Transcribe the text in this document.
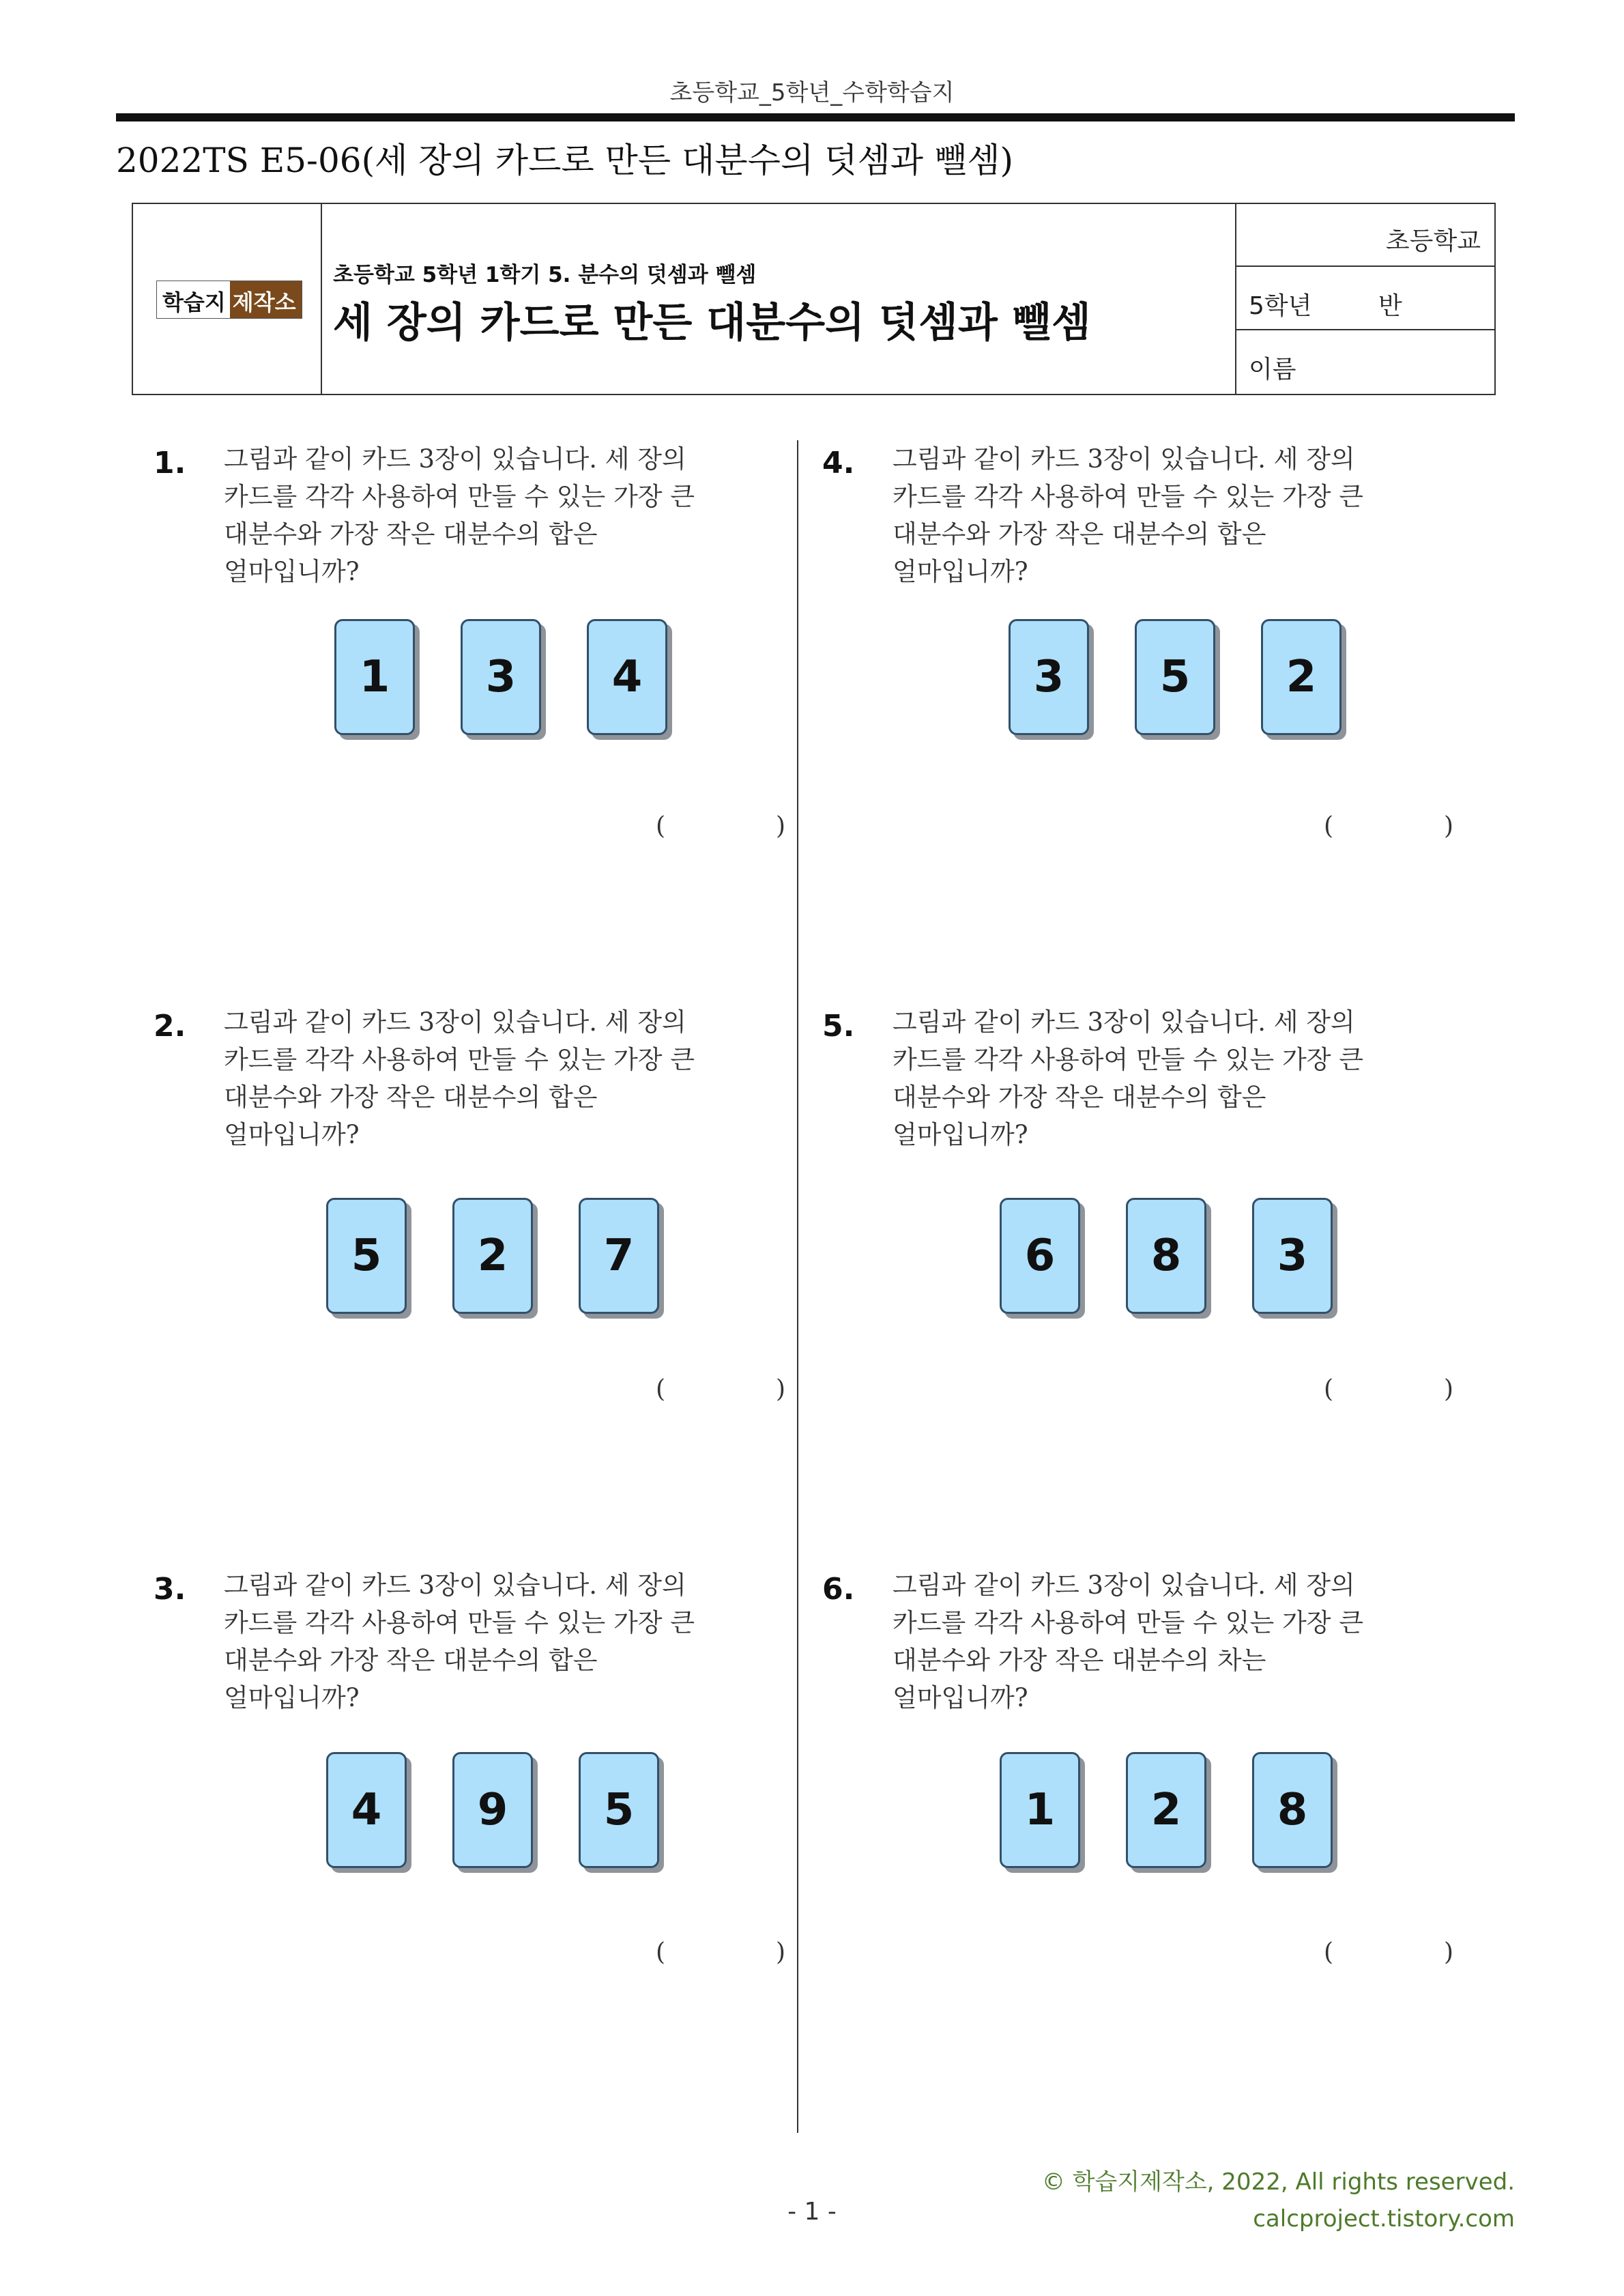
초등학교_5학년_수학학습지
2022TS E5-06(세 장의 카드로 만든 대분수의 덧셈과 뺄셈)
학습지 제작소
초등학교 5학년 1학기 5. 분수의 덧셈과 뺄셈
세 장의 카드로 만든 대분수의 덧셈과 뺄셈
초등학교
5학년	반
이름
1. 그림과 같이 카드 3장이 있습니다. 세 장의
카드를 각각 사용하여 만들 수 있는 가장 큰
대분수와 가장 작은 대분수의 합은
얼마입니까?
1	3	4
(	)
2. 그림과 같이 카드 3장이 있습니다. 세 장의
카드를 각각 사용하여 만들 수 있는 가장 큰
대분수와 가장 작은 대분수의 합은
얼마입니까?
5	2	7
(	)
3. 그림과 같이 카드 3장이 있습니다. 세 장의
카드를 각각 사용하여 만들 수 있는 가장 큰
대분수와 가장 작은 대분수의 합은
얼마입니까?
4	9	5
(	)
4. 그림과 같이 카드 3장이 있습니다. 세 장의
카드를 각각 사용하여 만들 수 있는 가장 큰
대분수와 가장 작은 대분수의 합은
얼마입니까?
3	5	2
(	)
5. 그림과 같이 카드 3장이 있습니다. 세 장의
카드를 각각 사용하여 만들 수 있는 가장 큰
대분수와 가장 작은 대분수의 합은
얼마입니까?
6	8	3
(	)
6. 그림과 같이 카드 3장이 있습니다. 세 장의
카드를 각각 사용하여 만들 수 있는 가장 큰
대분수와 가장 작은 대분수의 차는
얼마입니까?
1	2	8
(	)
© 학습지제작소, 2022, All rights reserved.
calcproject.tistory.com
- 1 -
